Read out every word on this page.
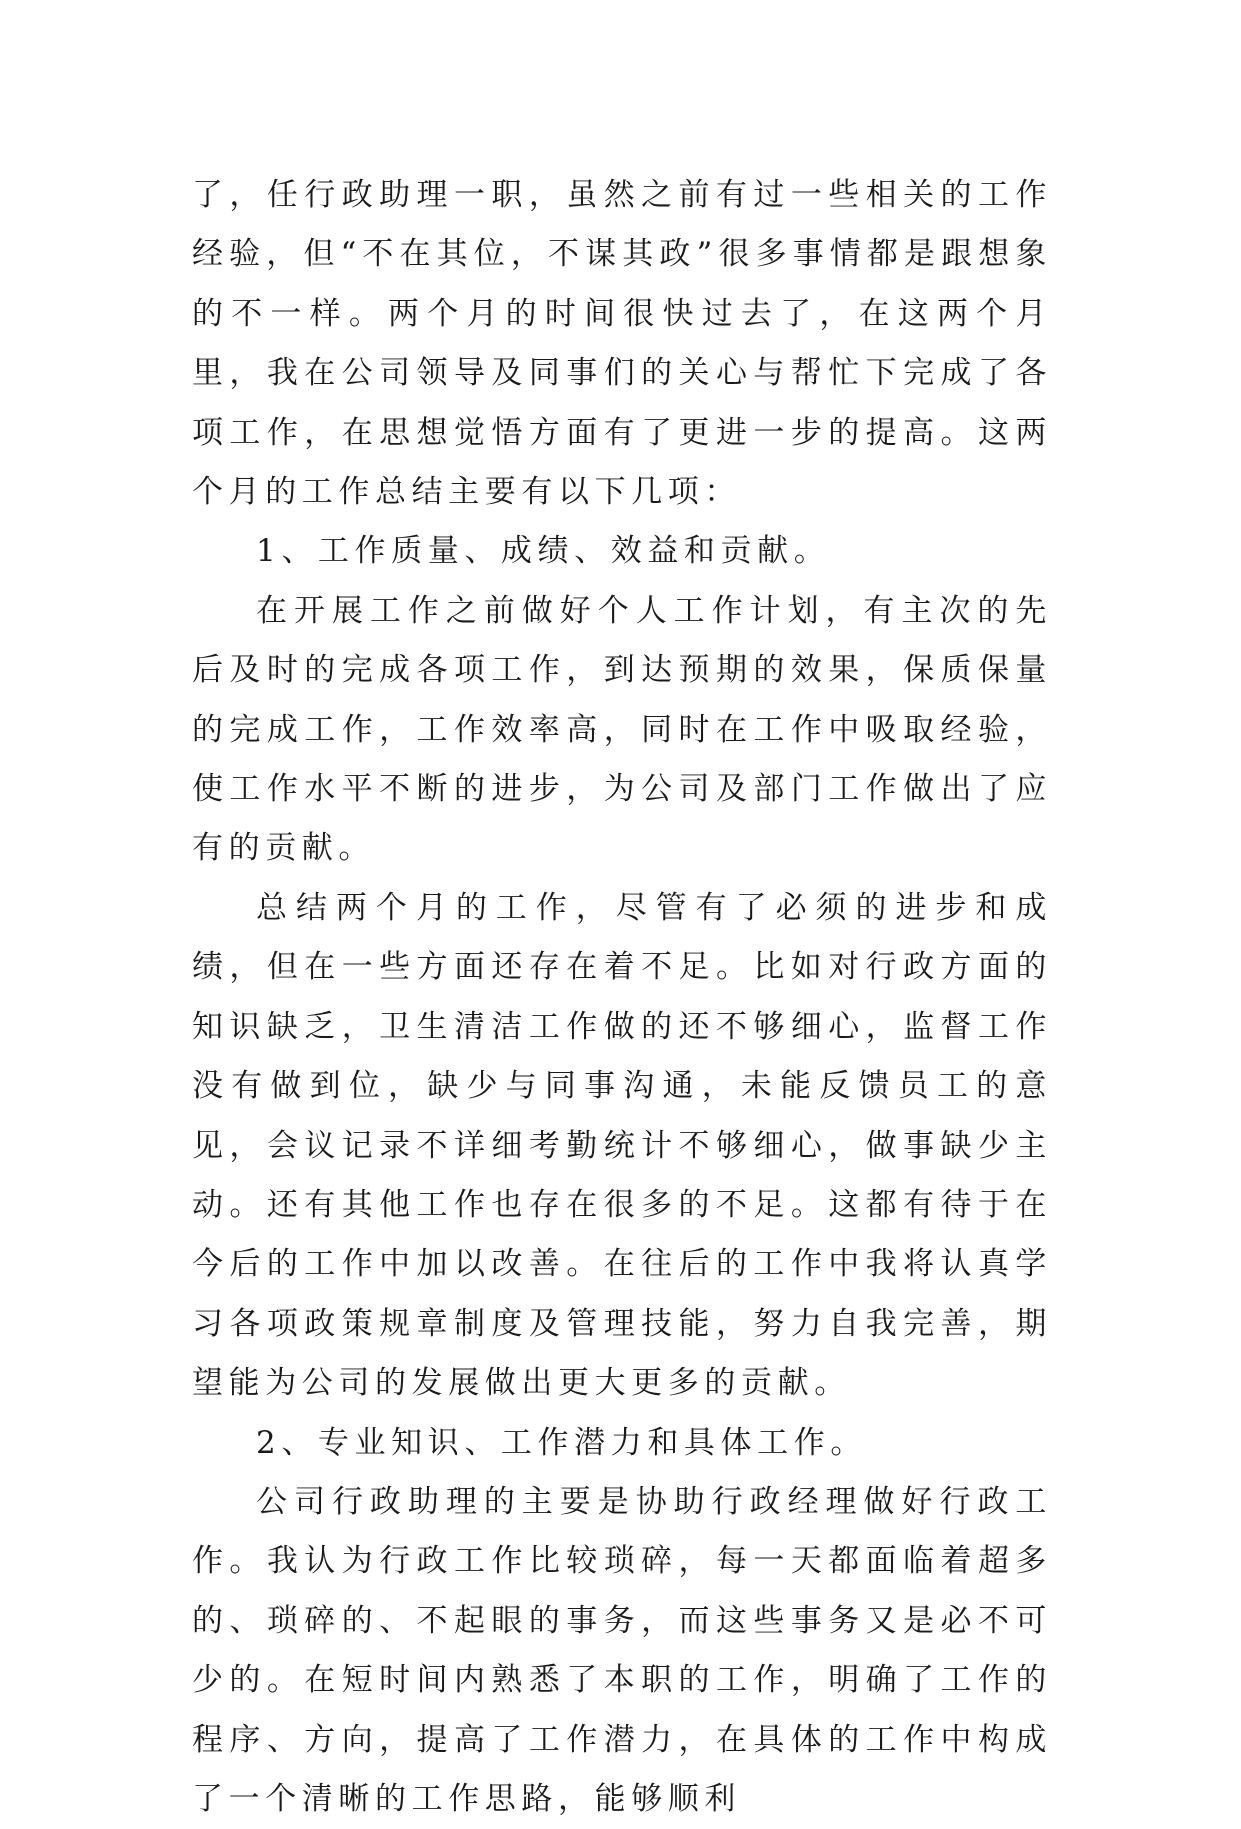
了，任行政助理一职，虽然之前有过一些相关的工作经验，但“不在其位，不谋其政”很多事情都是跟想象的不一样。两个月的时间很快过去了，在这两个月里，我在公司领导及同事们的关心与帮忙下完成了各项工作，在思想觉悟方面有了更进一步的提高。这两个月的工作总结主要有以下几项：

1、工作质量、成绩、效益和贡献。

在开展工作之前做好个人工作计划，有主次的先后及时的完成各项工作，到达预期的效果，保质保量的完成工作，工作效率高，同时在工作中吸取经验，使工作水平不断的进步，为公司及部门工作做出了应有的贡献。

总结两个月的工作，尽管有了必须的进步和成绩，但在一些方面还存在着不足。比如对行政方面的知识缺乏，卫生清洁工作做的还不够细心，监督工作没有做到位，缺少与同事沟通，未能反馈员工的意见，会议记录不详细考勤统计不够细心，做事缺少主动。还有其他工作也存在很多的不足。这都有待于在今后的工作中加以改善。在往后的工作中我将认真学习各项政策规章制度及管理技能，努力自我完善，期望能为公司的发展做出更大更多的贡献。

2、专业知识、工作潜力和具体工作。

公司行政助理的主要是协助行政经理做好行政工作。我认为行政工作比较琐碎，每一天都面临着超多的、琐碎的、不起眼的事务，而这些事务又是必不可少的。在短时间内熟悉了本职的工作，明确了工作的程序、方向，提高了工作潜力，在具体的工作中构成了一个清晰的工作思路，能够顺利
